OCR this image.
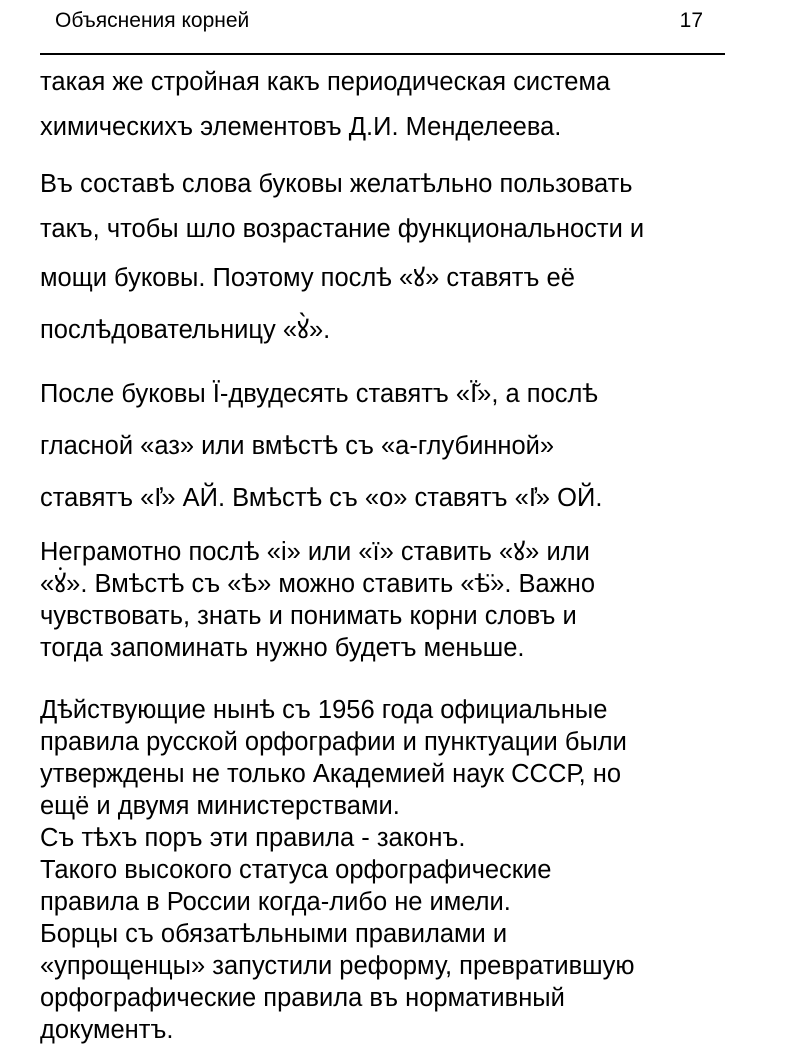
Объяснения корней	17

такая же стройная какъ периодическая система

химическихъ элементовъ Д.И. Менделеева.

Въ составѣ слова буковы желатѣльно пользовать

такъ, чтобы шло возрастание функциональности и

мощи буковы. Поэтому послѣ «ꙋ» ставятъ её

послѣдовательницу «ꙋ̀».

После буковы Ї-двудесять ставятъ «Ї̆», а послѣ

гласной «аз» или вмѣстѣ съ «а-глубинной»

ставятъ «Ӏ̕» АЙ. Вмѣстѣ съ «о» ставятъ «Ӏ̕» ОЙ.

Неграмотно послѣ «і» или «ї» ставить «ꙋ» или

«ꙋ̇». Вмѣстѣ съ «ѣ» можно ставить «ѣ̈». Важно

чувствовать, знать и понимать корни словъ и

тогда запоминать нужно будетъ меньше.

Дѣйствующие нынѣ съ 1956 года официальные

правила русской орфографии и пунктуации были

утверждены не только Академией наук СССР, но

ещё и двумя министерствами.

Съ тѣхъ поръ эти правила - законъ.

Такого высокого статуса орфографические

правила в России когда-либо не имели.

Борцы съ обязатѣльными правилами и

«упрощенцы» запустили реформу, превратившую

орфографические правила въ нормативный

документъ.
